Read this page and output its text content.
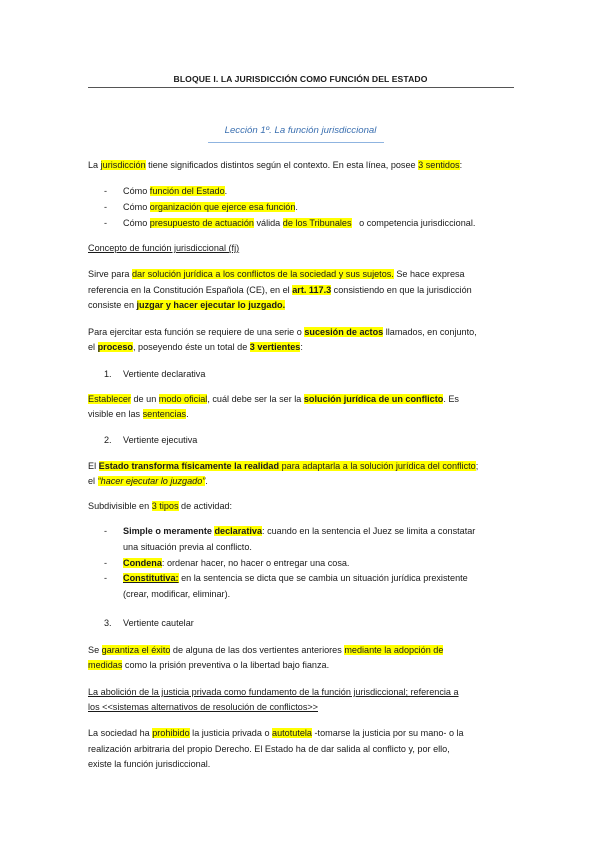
BLOQUE I. LA JURISDICCIÓN COMO FUNCIÓN DEL ESTADO
Lección 1º. La función jurisdiccional
La jurisdicción tiene significados distintos según el contexto. En esta línea, posee 3 sentidos:
- Cómo función del Estado.
- Cómo organización que ejerce esa función.
- Cómo presupuesto de actuación válida de los Tribunales   o competencia jurisdiccional.
Concepto de función jurisdiccional (fj)
Sirve para dar solución jurídica a los conflictos de la sociedad y sus sujetos. Se hace expresa
referencia en la Constitución Española (CE), en el art. 117.3 consistiendo en que la jurisdicción
consiste en juzgar y hacer ejecutar lo juzgado.
Para ejercitar esta función se requiere de una serie o sucesión de actos llamados, en conjunto,
el proceso, poseyendo éste un total de 3 vertientes:
1. Vertiente declarativa
Establecer de un modo oficial, cuál debe ser la ser la solución jurídica de un conflicto. Es
visible en las sentencias.
2. Vertiente ejecutiva
El Estado transforma físicamente la realidad para adaptarla a la solución jurídica del conflicto;
el “hacer ejecutar lo juzgado”.
Subdivisible en 3 tipos de actividad:
- Simple o meramente declarativa: cuando en la sentencia el Juez se limita a constatar
una situación previa al conflicto.
- Condena: ordenar hacer, no hacer o entregar una cosa.
- Constitutiva: en la sentencia se dicta que se cambia un situación jurídica prexistente
(crear, modificar, eliminar).
3. Vertiente cautelar
Se garantiza el éxito de alguna de las dos vertientes anteriores mediante la adopción de
medidas como la prisión preventiva o la libertad bajo fianza.
La abolición de la justicia privada como fundamento de la función jurisdiccional; referencia a
los <<sistemas alternativos de resolución de conflictos>>
La sociedad ha prohibido la justicia privada o autotutela -tomarse la justicia por su mano- o la
realización arbitraria del propio Derecho. El Estado ha de dar salida al conflicto y, por ello,
existe la función jurisdiccional.
